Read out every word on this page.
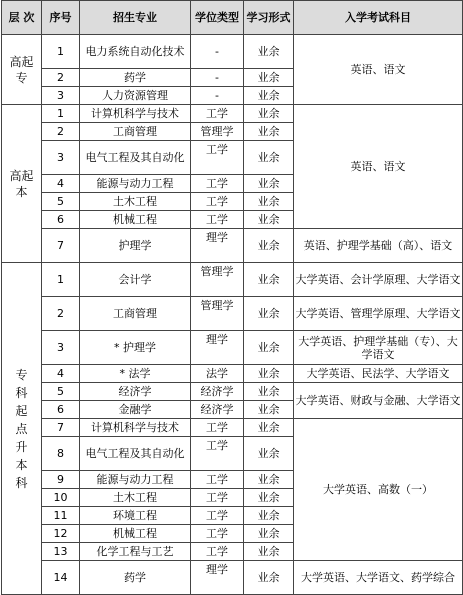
层 次	序号	招生专业	学位类型	学习形式	入学考试科目

高起专	1	电力系统自动化技术	-	业余	英语、语文
	2	药学	-	业余	
	3	人力资源管理	-	业余	

高起本	1	计算机科学与技术	工学	业余	英语、语文
	2	工商管理	管理学	业余	
	3	电气工程及其自动化	工学	业余	
	4	能源与动力工程	工学	业余	
	5	土木工程	工学	业余	
	6	机械工程	工学	业余	
	7	护理学	理学	业余	英语、护理学基础（高）、语文

专科起点升本科	1	会计学	管理学	业余	大学英语、会计学原理、大学语文
	2	工商管理	管理学	业余	大学英语、管理学原理、大学语文
	3	* 护理学	理学	业余	大学英语、护理学基础（专）、大学语文
	4	* 法学	法学	业余	大学英语、民法学、大学语文
	5	经济学	经济学	业余	大学英语、财政与金融、大学语文
	6	金融学	经济学	业余	
	7	计算机科学与技术	工学	业余	大学英语、高数（一）
	8	电气工程及其自动化	工学	业余	
	9	能源与动力工程	工学	业余	
	10	土木工程	工学	业余	
	11	环境工程	工学	业余	
	12	机械工程	工学	业余	
	13	化学工程与工艺	工学	业余	
	14	药学	理学	业余	大学英语、大学语文、药学综合
